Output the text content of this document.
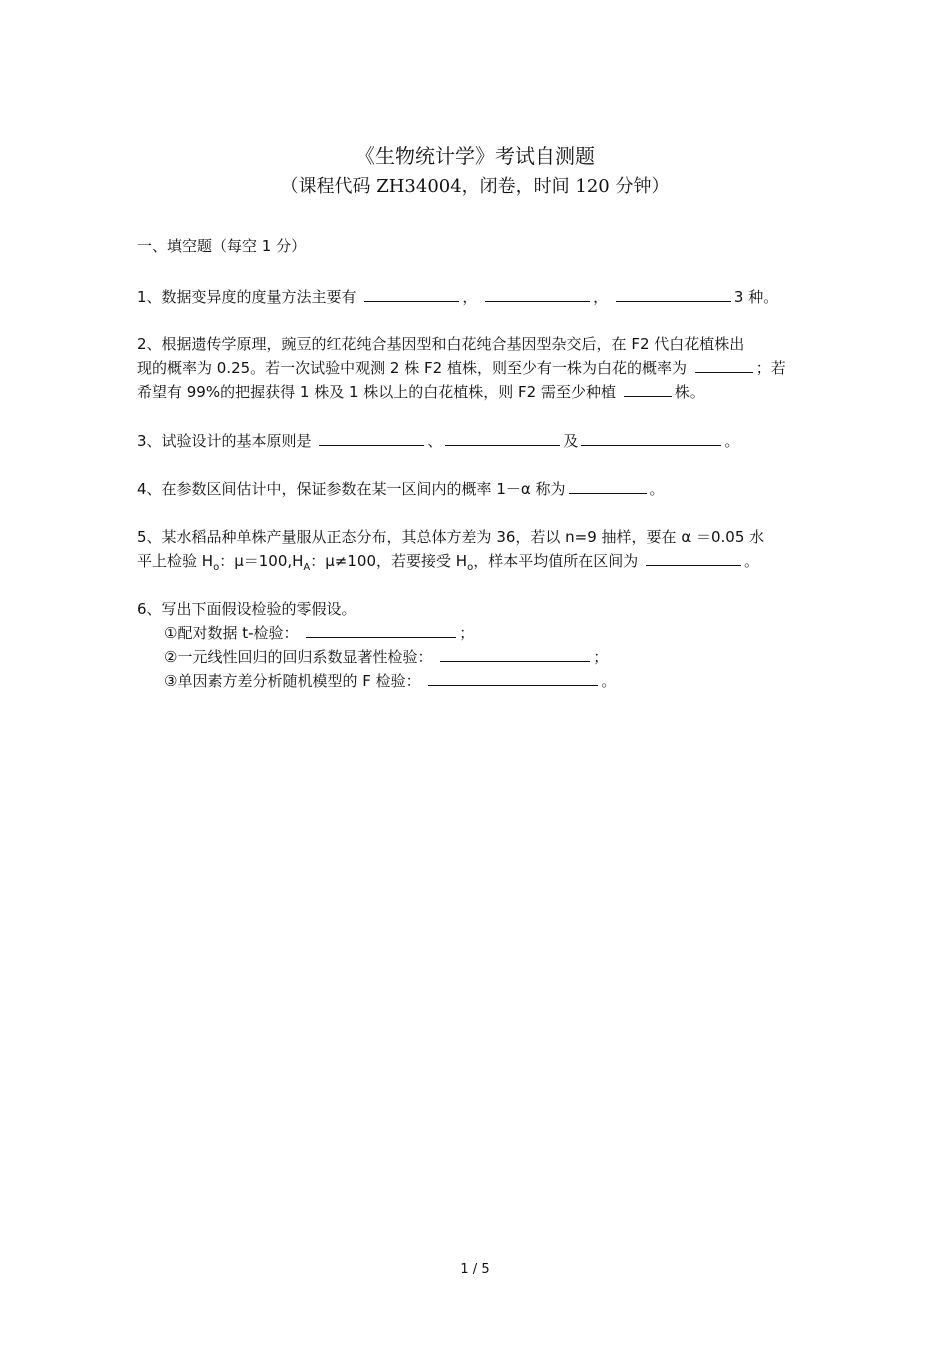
《生物统计学》考试自测题
（课程代码 ZH34004，闭卷，时间 120 分钟）
一、填空题（每空 1 分）
1、数据变异度的度量方法主要有	，	，	3 种。
2、根据遗传学原理，豌豆的红花纯合基因型和白花纯合基因型杂交后，在 F2 代白花植株出
现的概率为 0.25。若一次试验中观测 2 株 F2 植株，则至少有一株为白花的概率为	；若
希望有 99%的把握获得 1 株及 1 株以上的白花植株，则 F2 需至少种植	株。
3、试验设计的基本原则是	、	及	。
4、在参数区间估计中，保证参数在某一区间内的概率 1－α 称为	。
5、某水稻品种单株产量服从正态分布，其总体方差为 36，若以 n=9 抽样，要在 α ＝0.05 水
平上检验 $H_o$：$\mu=100,H_A$：μ≠100，若要接受 $H_o$，样本平均值所在区间为	。
6、写出下面假设检验的零假设。
①配对数据 t-检验：	；
②一元线性回归的回归系数显著性检验：	；
③单因素方差分析随机模型的 F 检验：	。
1 / 5
